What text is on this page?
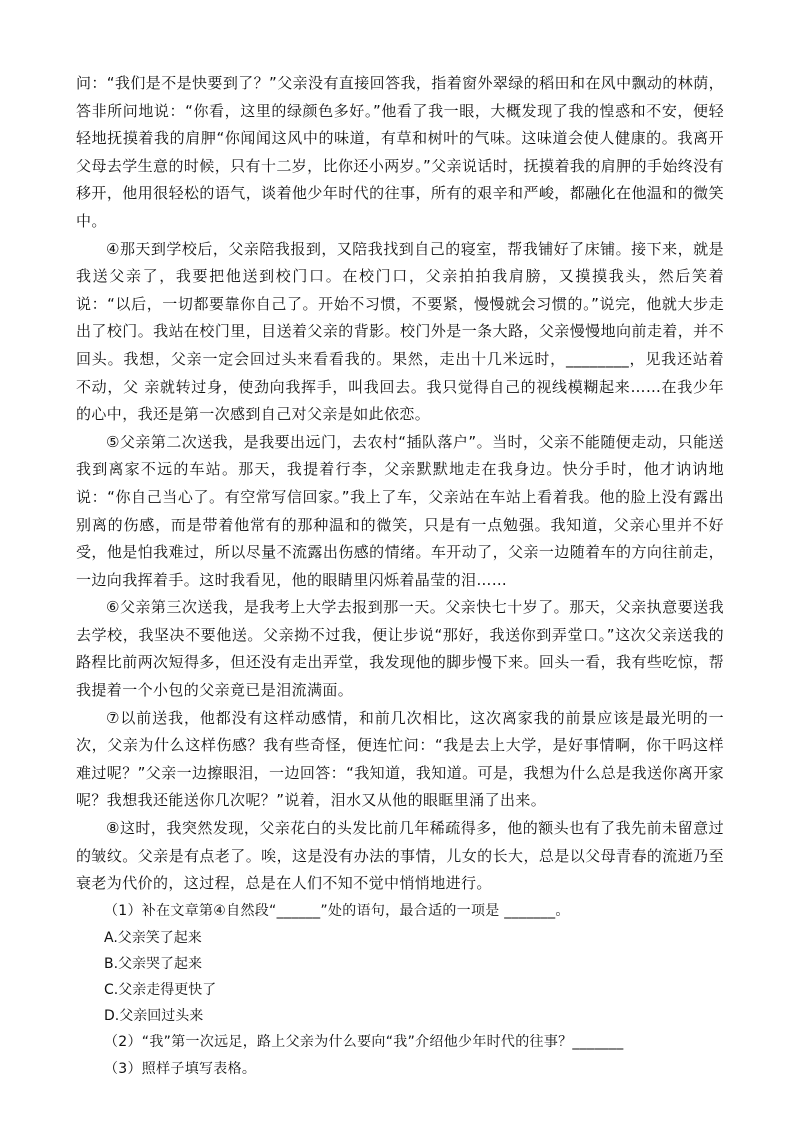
问：“我们是不是快要到了？”父亲没有直接回答我，指着窗外翠绿的稻田和在风中飘动的林荫，答非所问地说：“你看，这里的绿颜色多好。”他看了我一眼，大概发现了我的惶惑和不安，便轻轻地抚摸着我的肩胛“你闻闻这风中的味道，有草和树叶的气味。这味道会使人健康的。我离开父母去学生意的时候，只有十二岁，比你还小两岁。”父亲说话时，抚摸着我的肩胛的手始终没有移开，他用很轻松的语气，谈着他少年时代的往事，所有的艰辛和严峻，都融化在他温和的微笑中。

④那天到学校后，父亲陪我报到，又陪我找到自己的寝室，帮我铺好了床铺。接下来，就是我送父亲了，我要把他送到校门口。在校门口，父亲拍拍我肩膀，又摸摸我头，然后笑着说：“以后，一切都要靠你自己了。开始不习惯，不要紧，慢慢就会习惯的。”说完，他就大步走出了校门。我站在校门里，目送着父亲的背影。校门外是一条大路，父亲慢慢地向前走着，并不回头。我想，父亲一定会回过头来看看我的。果然，走出十几米远时，________，见我还站着不动，父 亲就转过身，使劲向我挥手，叫我回去。我只觉得自己的视线模糊起来……在我少年的心中，我还是第一次感到自己对父亲是如此依恋。

⑤父亲第二次送我，是我要出远门，去农村“插队落户”。当时，父亲不能随便走动，只能送我到离家不远的车站。那天，我提着行李，父亲默默地走在我身边。快分手时，他才讷讷地说：“你自己当心了。有空常写信回家。”我上了车，父亲站在车站上看着我。他的脸上没有露出别离的伤感，而是带着他常有的那种温和的微笑，只是有一点勉强。我知道，父亲心里并不好受，他是怕我难过，所以尽量不流露出伤感的情绪。车开动了，父亲一边随着车的方向往前走，一边向我挥着手。这时我看见，他的眼睛里闪烁着晶莹的泪……

⑥父亲第三次送我，是我考上大学去报到那一天。父亲快七十岁了。那天，父亲执意要送我去学校，我坚决不要他送。父亲拗不过我，便让步说“那好，我送你到弄堂口。”这次父亲送我的路程比前两次短得多，但还没有走出弄堂，我发现他的脚步慢下来。回头一看，我有些吃惊，帮我提着一个小包的父亲竟已是泪流满面。

⑦以前送我，他都没有这样动感情，和前几次相比，这次离家我的前景应该是最光明的一次，父亲为什么这样伤感？我有些奇怪，便连忙问：“我是去上大学，是好事情啊，你干吗这样难过呢？”父亲一边擦眼泪，一边回答：“我知道，我知道。可是，我想为什么总是我送你离开家呢？我想我还能送你几次呢？”说着，泪水又从他的眼眶里涌了出来。

⑧这时，我突然发现，父亲花白的头发比前几年稀疏得多，他的额头也有了我先前未留意过的皱纹。父亲是有点老了。唉，这是没有办法的事情，儿女的长大，总是以父母青春的流逝乃至衰老为代价的，这过程，总是在人们不知不觉中悄悄地进行。

（1）补在文章第④自然段“______”处的语句，最合适的一项是 _______。

A.父亲笑了起来

B.父亲哭了起来

C.父亲走得更快了

D.父亲回过头来

（2）“我”第一次远足，路上父亲为什么要向“我”介绍他少年时代的往事？_______

（3）照样子填写表格。
